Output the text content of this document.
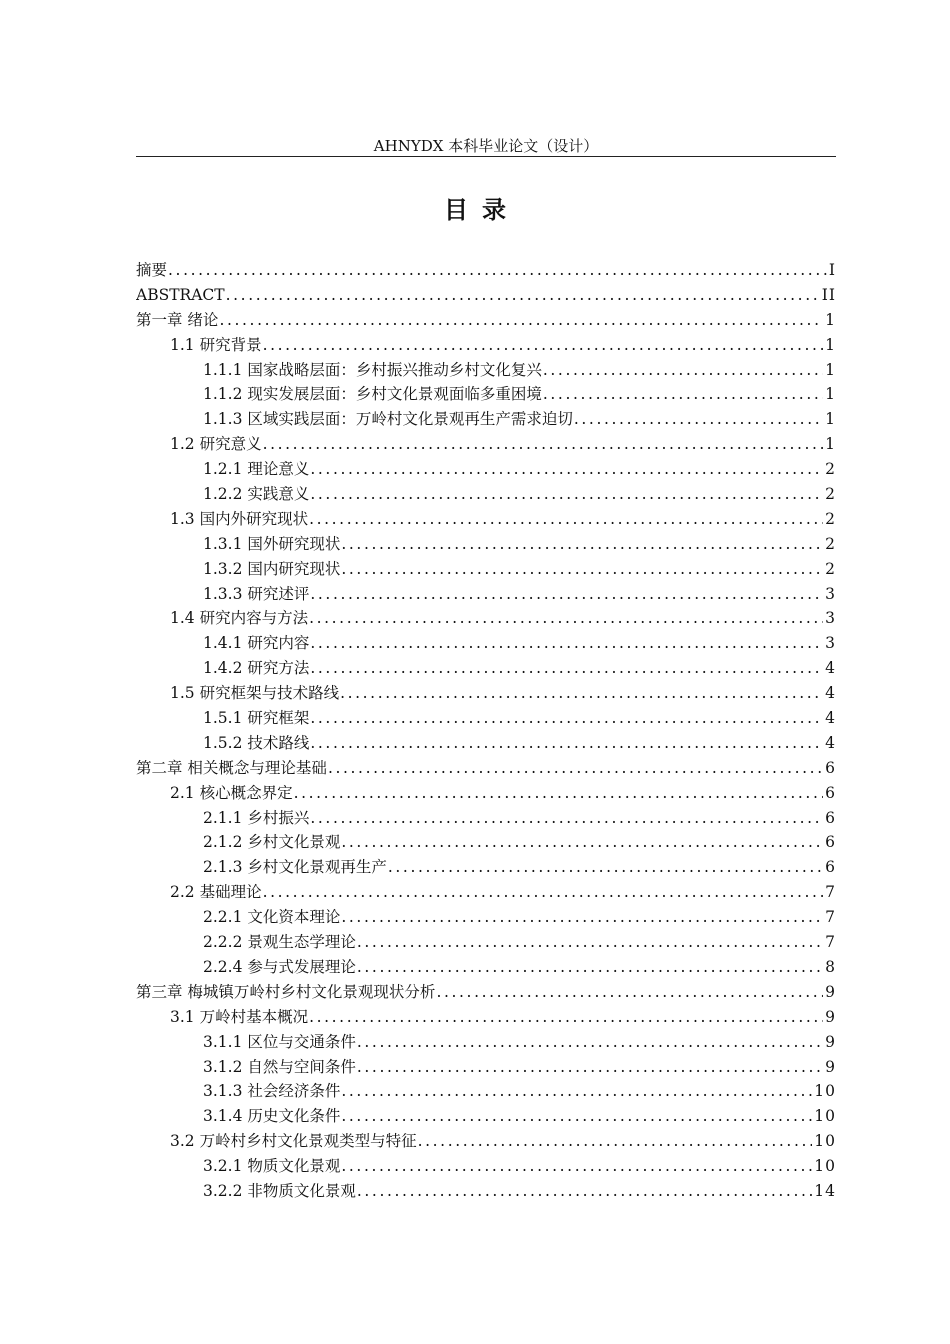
AHNYDX 本科毕业论文（设计）
目录
摘要 .....	I
ABSTRACT .....	II
第一章 绪论 .....	1
1.1 研究背景 .....	1
1.1.1 国家战略层面：乡村振兴推动乡村文化复兴 .....	1
1.1.2 现实发展层面：乡村文化景观面临多重困境 .....	1
1.1.3 区域实践层面：万岭村文化景观再生产需求迫切 .....	1
1.2 研究意义 .....	1
1.2.1 理论意义 .....	2
1.2.2 实践意义 .....	2
1.3 国内外研究现状 .....	2
1.3.1 国外研究现状 .....	2
1.3.2 国内研究现状 .....	2
1.3.3 研究述评 .....	3
1.4 研究内容与方法 .....	3
1.4.1 研究内容 .....	3
1.4.2 研究方法 .....	4
1.5 研究框架与技术路线 .....	4
1.5.1 研究框架 .....	4
1.5.2 技术路线 .....	4
第二章 相关概念与理论基础 .....	6
2.1 核心概念界定 .....	6
2.1.1 乡村振兴 .....	6
2.1.2 乡村文化景观 .....	6
2.1.3 乡村文化景观再生产 .....	6
2.2 基础理论 .....	7
2.2.1 文化资本理论 .....	7
2.2.2 景观生态学理论 .....	7
2.2.4 参与式发展理论 .....	8
第三章 梅城镇万岭村乡村文化景观现状分析 .....	9
3.1 万岭村基本概况 .....	9
3.1.1 区位与交通条件 .....	9
3.1.2 自然与空间条件 .....	9
3.1.3 社会经济条件 .....	10
3.1.4 历史文化条件 .....	10
3.2 万岭村乡村文化景观类型与特征 .....	10
3.2.1 物质文化景观 .....	10
3.2.2 非物质文化景观 .....	14
